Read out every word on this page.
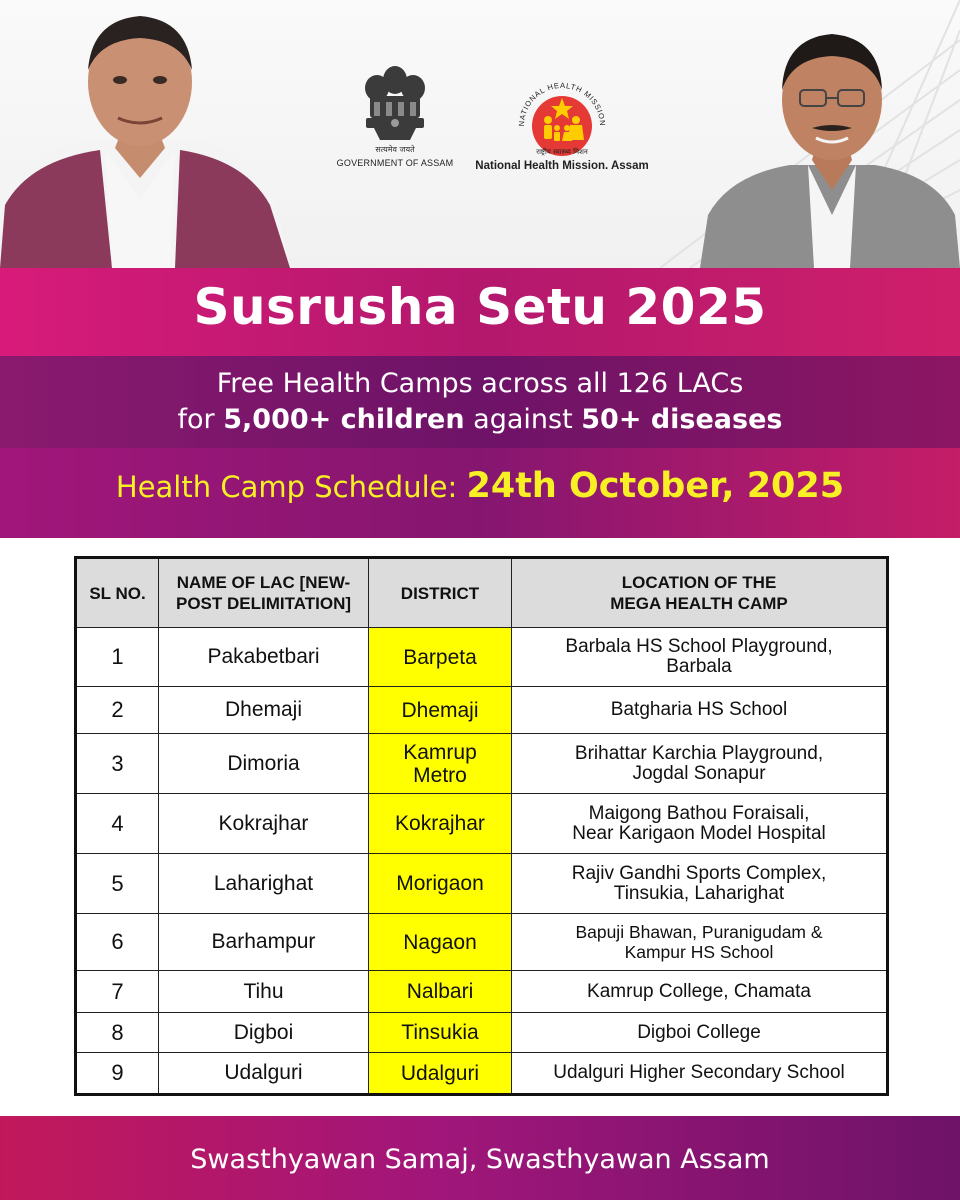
सत्यमेव जयते
GOVERNMENT OF ASSAM
NATIONAL HEALTH MISSION
राष्ट्रीय स्वास्थ्य मिशन
National Health Mission. Assam
Susrusha Setu 2025
Free Health Camps across all 126 LACs
for 5,000+ children against 50+ diseases
Health Camp Schedule: 24th October, 2025
SL NO.	NAME OF LAC [NEW-
POST DELIMITATION]	DISTRICT	LOCATION OF THE
MEGA HEALTH CAMP
1	Pakabetbari	Barpeta	Barbala HS School Playground,
Barbala
2	Dhemaji	Dhemaji	Batgharia HS School
3	Dimoria	Kamrup
Metro	Brihattar Karchia Playground,
Jogdal Sonapur
4	Kokrajhar	Kokrajhar	Maigong Bathou Foraisali,
Near Karigaon Model Hospital
5	Laharighat	Morigaon	Rajiv Gandhi Sports Complex,
Tinsukia, Laharighat
6	Barhampur	Nagaon	Bapuji Bhawan, Puranigudam &
Kampur HS School
7	Tihu	Nalbari	Kamrup College, Chamata
8	Digboi	Tinsukia	Digboi College
9	Udalguri	Udalguri	Udalguri Higher Secondary School
Swasthyawan Samaj, Swasthyawan Assam
